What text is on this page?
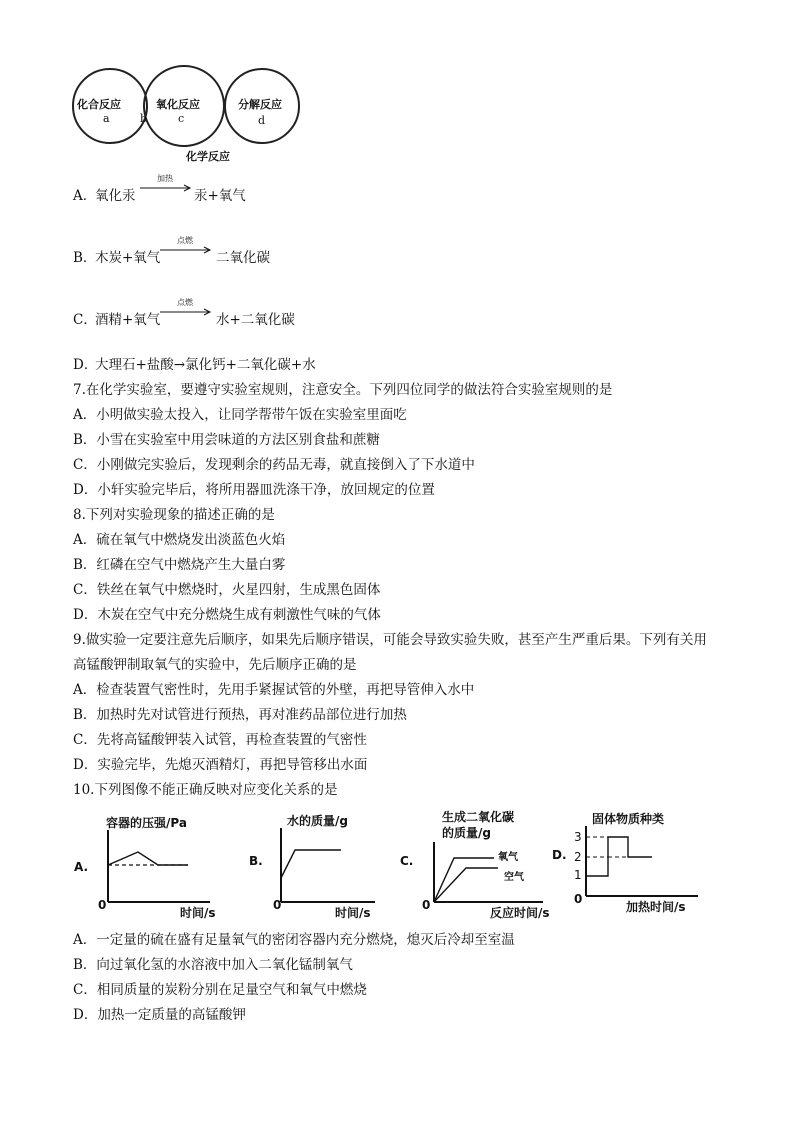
化合反应
a	b
氧化反应
c
分解反应
d
化学反应
A．
氧化汞
加热
→ 汞+氧气
B．
木炭+氧气
点燃
→ 二氧化碳
C．
酒精+氧气
点燃
→ 水+二氧化碳
D．
大理石+盐酸→氯化钙+二氧化碳+水
7.在化学实验室，要遵守实验室规则，注意安全。下列四位同学的做法符合实验室规则的是
A．小明做实验太投入，让同学帮带午饭在实验室里面吃
B．小雪在实验室中用尝味道的方法区别食盐和蔗糖
C．小刚做完实验后，发现剩余的药品无毒，就直接倒入了下水道中
D．小轩实验完毕后，将所用器皿洗涤干净，放回规定的位置
8.下列对实验现象的描述正确的是
A．硫在氧气中燃烧发出淡蓝色火焰
B．红磷在空气中燃烧产生大量白雾
C．铁丝在氧气中燃烧时，火星四射，生成黑色固体
D．木炭在空气中充分燃烧生成有刺激性气味的气体
9.做实验一定要注意先后顺序，如果先后顺序错误，可能会导致实验失败，甚至产生严重后果。下列有关用
高锰酸钾制取氧气的实验中，先后顺序正确的是
A．检查装置气密性时，先用手紧握试管的外壁，再把导管伸入水中
B．加热时先对试管进行预热，再对准药品部位进行加热
C．先将高锰酸钾装入试管，再检查装置的气密性
D．实验完毕，先熄灭酒精灯，再把导管移出水面
10.下列图像不能正确反映对应变化关系的是
A.
容器的压强/Pa
0
时间/s
B.
水的质量/g
0
时间/s
C.
生成二氧化碳
的质量/g
0
反应时间/s
氧气
空气
D.
固体物质种类
3
2
1
0
加热时间/s
A．一定量的硫在盛有足量氧气的密闭容器内充分燃烧，熄灭后冷却至室温
B．向过氧化氢的水溶液中加入二氧化锰制氧气
C．相同质量的炭粉分别在足量空气和氧气中燃烧
D．加热一定质量的高锰酸钾
